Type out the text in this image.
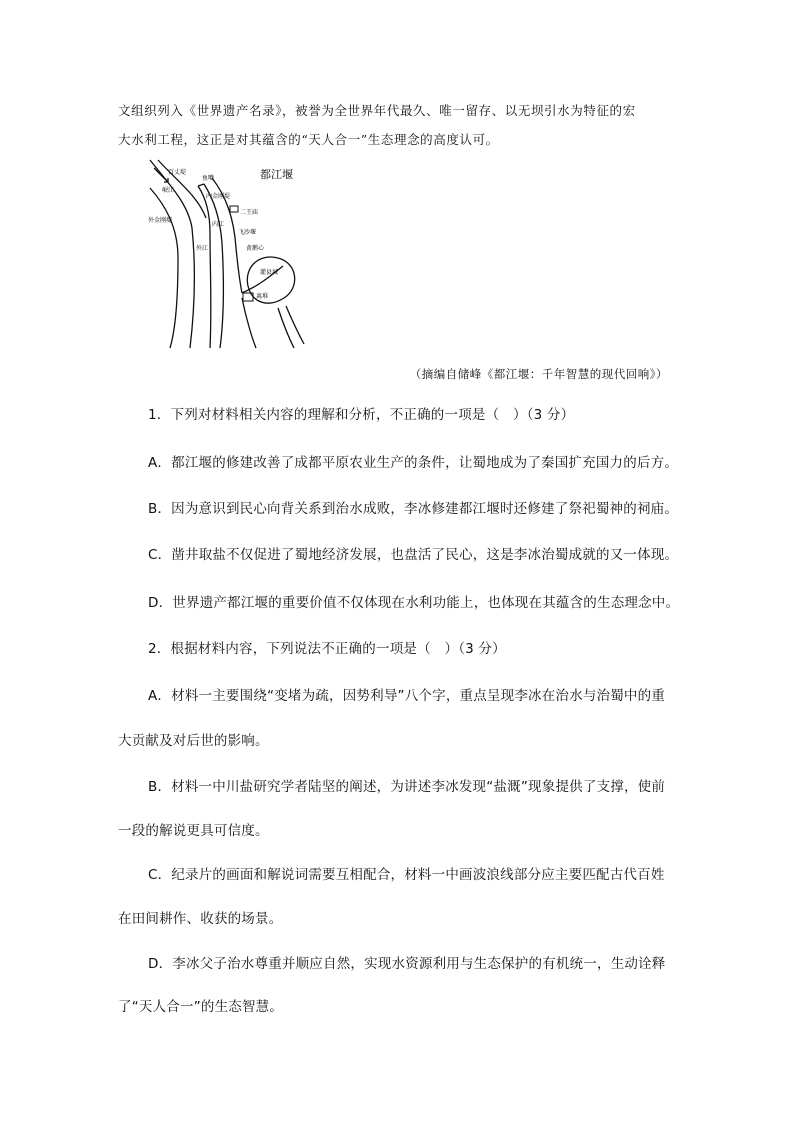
文组织列入《世界遗产名录》，被誉为全世界年代最久、唯一留存、以无坝引水为特征的宏
大水利工程，这正是对其蕴含的“天人合一”生态理念的高度认可。
都江堰
百丈堤
岷江
鱼嘴
内金刚堤
二王庙
外金刚堤
内江
飞沙堰
外江	黄鹅心
离堆
灌县城
（摘编自储峰《都江堰：千年智慧的现代回响》）
1．下列对材料相关内容的理解和分析，不正确的一项是（　）（3 分）
A．都江堰的修建改善了成都平原农业生产的条件，让蜀地成为了秦国扩充国力的后方。
B．因为意识到民心向背关系到治水成败，李冰修建都江堰时还修建了祭祀蜀神的祠庙。
C．凿井取盐不仅促进了蜀地经济发展，也盘活了民心，这是李冰治蜀成就的又一体现。
D．世界遗产都江堰的重要价值不仅体现在水利功能上，也体现在其蕴含的生态理念中。
2．根据材料内容，下列说法不正确的一项是（　）（3 分）
A．材料一主要围绕“变堵为疏，因势利导”八个字，重点呈现李冰在治水与治蜀中的重
大贡献及对后世的影响。
B．材料一中川盐研究学者陆坚的阐述，为讲述李冰发现“盐溉”现象提供了支撑，使前
一段的解说更具可信度。
C．纪录片的画面和解说词需要互相配合，材料一中画波浪线部分应主要匹配古代百姓
在田间耕作、收获的场景。
D．李冰父子治水尊重并顺应自然，实现水资源利用与生态保护的有机统一，生动诠释
了“天人合一”的生态智慧。
